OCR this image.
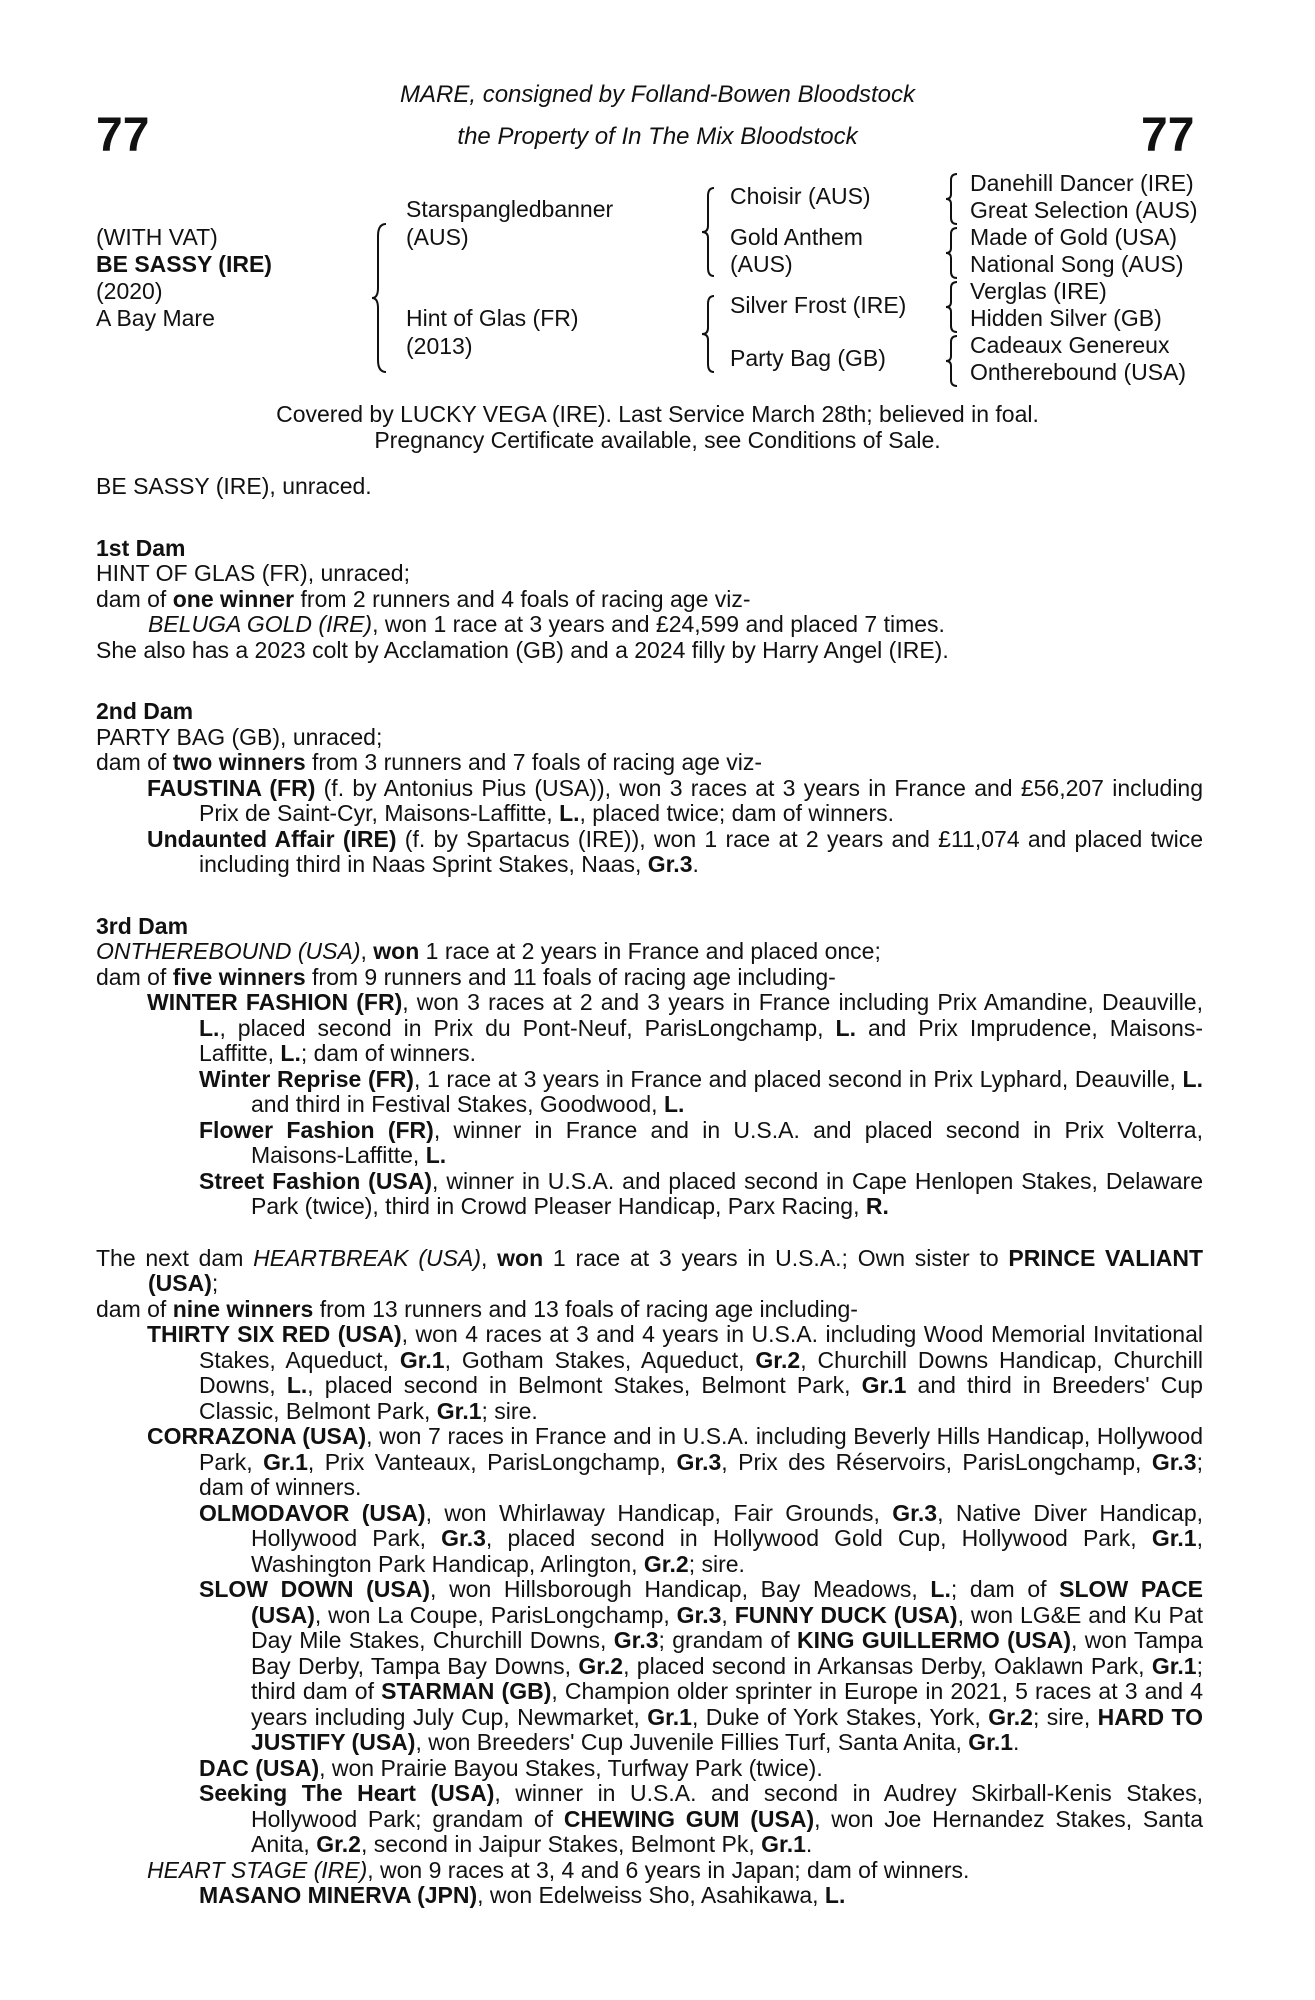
77	77
MARE, consigned by Folland-Bowen Bloodstock
the Property of In The Mix Bloodstock
(WITH VAT)
BE SASSY (IRE)
(2020)
A Bay Mare
Starspangledbanner
(AUS)
Hint of Glas (FR)
(2013)
Choisir (AUS)
Gold Anthem
(AUS)
Silver Frost (IRE)
Party Bag (GB)
Danehill Dancer (IRE)
Great Selection (AUS)
Made of Gold (USA)
National Song (AUS)
Verglas (IRE)
Hidden Silver (GB)
Cadeaux Genereux
Ontherebound (USA)
Covered by LUCKY VEGA (IRE). Last Service March 28th; believed in foal.
Pregnancy Certificate available, see Conditions of Sale.

BE SASSY (IRE), unraced.

1st Dam

HINT OF GLAS (FR), unraced;

dam of one winner from 2 runners and 4 foals of racing age viz-

BELUGA GOLD (IRE), won 1 race at 3 years and £24,599 and placed 7 times.

She also has a 2023 colt by Acclamation (GB) and a 2024 filly by Harry Angel (IRE).

2nd Dam

PARTY BAG (GB), unraced;

dam of two winners from 3 runners and 7 foals of racing age viz-

FAUSTINA (FR) (f. by Antonius Pius (USA)), won 3 races at 3 years in France and £56,207 including Prix de Saint-Cyr, Maisons-Laffitte, L., placed twice; dam of winners.

Undaunted Affair (IRE) (f. by Spartacus (IRE)), won 1 race at 2 years and £11,074 and placed twice including third in Naas Sprint Stakes, Naas, Gr.3.

3rd Dam

ONTHEREBOUND (USA), won 1 race at 2 years in France and placed once;

dam of five winners from 9 runners and 11 foals of racing age including-

WINTER FASHION (FR), won 3 races at 2 and 3 years in France including Prix Amandine, Deauville, L., placed second in Prix du Pont-Neuf, ParisLongchamp, L. and Prix Imprudence, Maisons-Laffitte, L.; dam of winners.

Winter Reprise (FR), 1 race at 3 years in France and placed second in Prix Lyphard, Deauville, L. and third in Festival Stakes, Goodwood, L.

Flower Fashion (FR), winner in France and in U.S.A. and placed second in Prix Volterra, Maisons-Laffitte, L.

Street Fashion (USA), winner in U.S.A. and placed second in Cape Henlopen Stakes, Delaware Park (twice), third in Crowd Pleaser Handicap, Parx Racing, R.

The next dam HEARTBREAK (USA), won 1 race at 3 years in U.S.A.; Own sister to PRINCE VALIANT (USA);

dam of nine winners from 13 runners and 13 foals of racing age including-

THIRTY SIX RED (USA), won 4 races at 3 and 4 years in U.S.A. including Wood Memorial Invitational Stakes, Aqueduct, Gr.1, Gotham Stakes, Aqueduct, Gr.2, Churchill Downs Handicap, Churchill Downs, L., placed second in Belmont Stakes, Belmont Park, Gr.1 and third in Breeders' Cup Classic, Belmont Park, Gr.1; sire.

CORRAZONA (USA), won 7 races in France and in U.S.A. including Beverly Hills Handicap, Hollywood Park, Gr.1, Prix Vanteaux, ParisLongchamp, Gr.3, Prix des Réservoirs, ParisLongchamp, Gr.3; dam of winners.

OLMODAVOR (USA), won Whirlaway Handicap, Fair Grounds, Gr.3, Native Diver Handicap, Hollywood Park, Gr.3, placed second in Hollywood Gold Cup, Hollywood Park, Gr.1, Washington Park Handicap, Arlington, Gr.2; sire.

SLOW DOWN (USA), won Hillsborough Handicap, Bay Meadows, L.; dam of SLOW PACE (USA), won La Coupe, ParisLongchamp, Gr.3, FUNNY DUCK (USA), won LG&E and Ku Pat Day Mile Stakes, Churchill Downs, Gr.3; grandam of KING GUILLERMO (USA), won Tampa Bay Derby, Tampa Bay Downs, Gr.2, placed second in Arkansas Derby, Oaklawn Park, Gr.1; third dam of STARMAN (GB), Champion older sprinter in Europe in 2021, 5 races at 3 and 4 years including July Cup, Newmarket, Gr.1, Duke of York Stakes, York, Gr.2; sire, HARD TO JUSTIFY (USA), won Breeders' Cup Juvenile Fillies Turf, Santa Anita, Gr.1.

DAC (USA), won Prairie Bayou Stakes, Turfway Park (twice).

Seeking The Heart (USA), winner in U.S.A. and second in Audrey Skirball-Kenis Stakes, Hollywood Park; grandam of CHEWING GUM (USA), won Joe Hernandez Stakes, Santa Anita, Gr.2, second in Jaipur Stakes, Belmont Pk, Gr.1.

HEART STAGE (IRE), won 9 races at 3, 4 and 6 years in Japan; dam of winners.

MASANO MINERVA (JPN), won Edelweiss Sho, Asahikawa, L.
